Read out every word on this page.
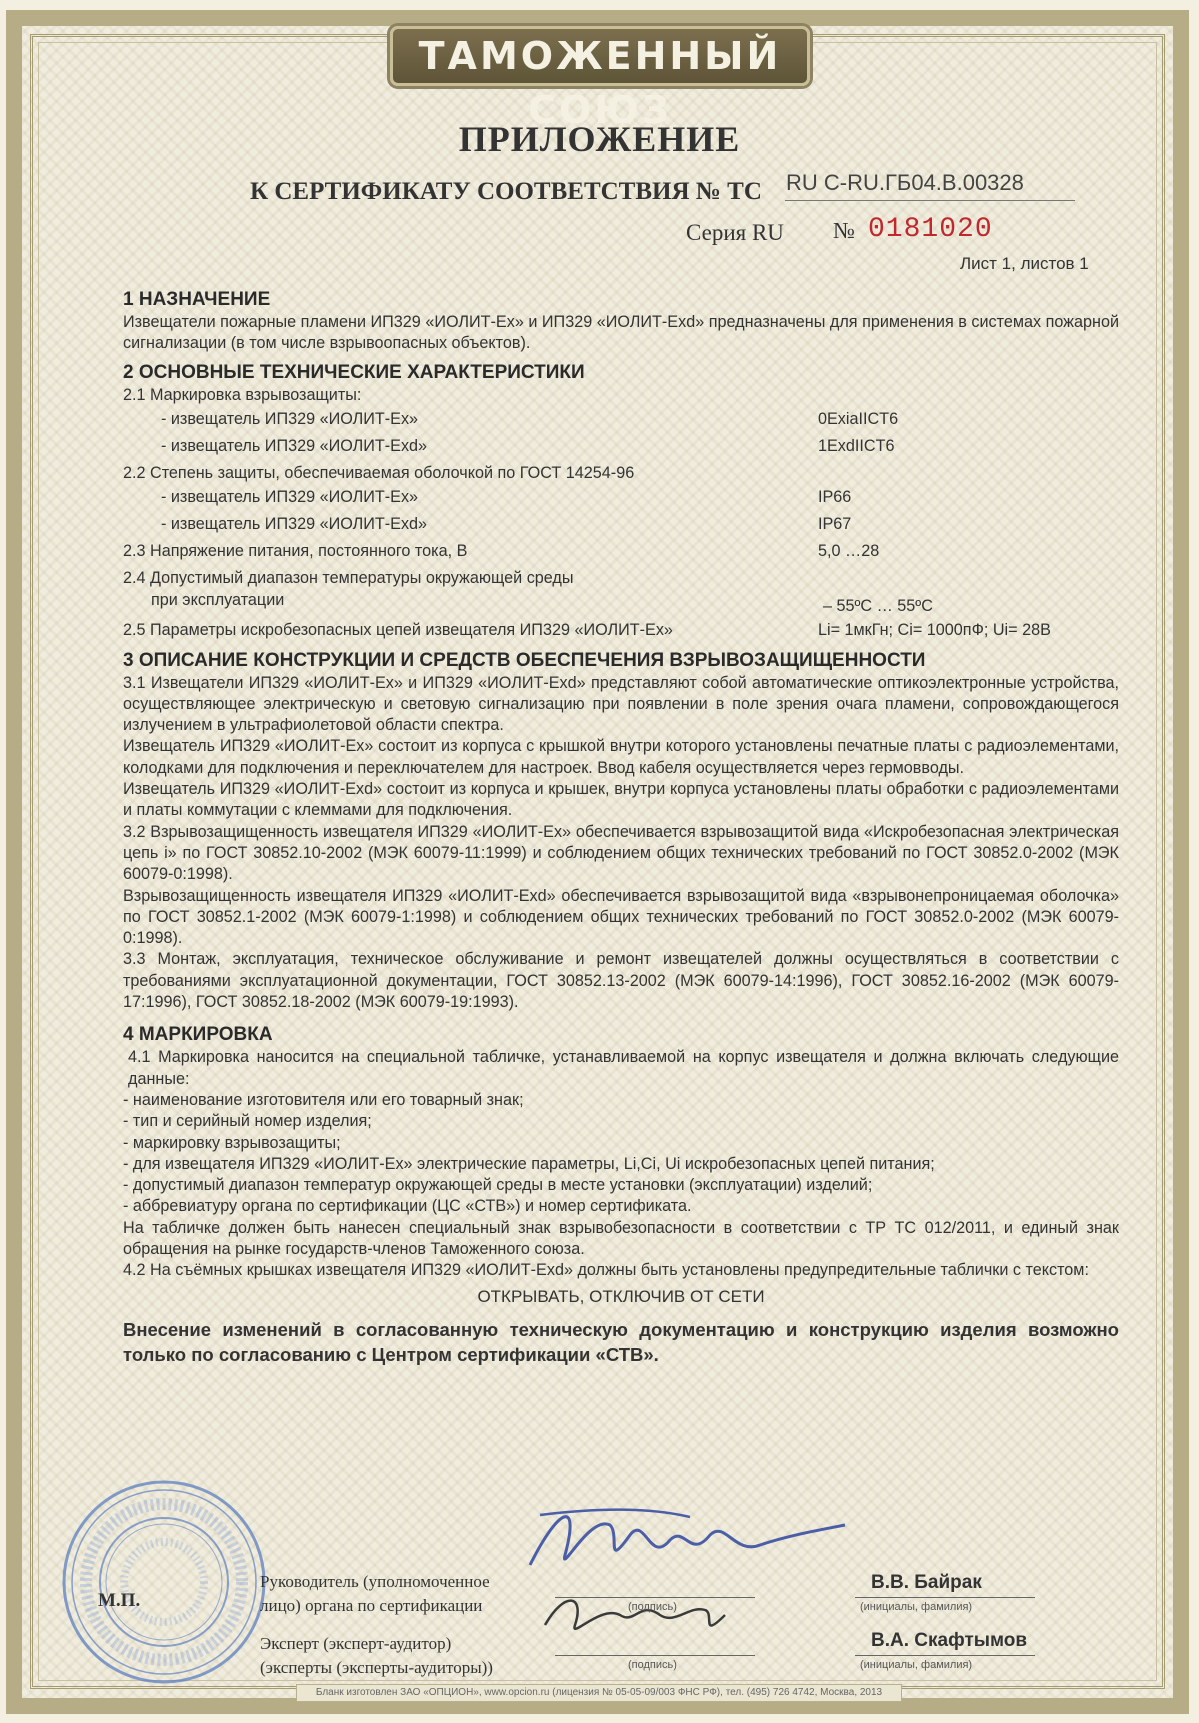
ТАМОЖЕННЫЙ СОЮЗ
ПРИЛОЖЕНИЕ
К СЕРТИФИКАТУ СООТВЕТСТВИЯ № ТС RU C-RU.ГБ04.В.00328
Серия RU № 0181020
Лист 1, листов 1
1 НАЗНАЧЕНИЕ
Извещатели пожарные пламени ИП329 «ИОЛИТ-Ex» и ИП329 «ИОЛИТ-Exd» предназначены для применения в системах пожарной сигнализации (в том числе взрывоопасных объектов).
2 ОСНОВНЫЕ ТЕХНИЧЕСКИЕ ХАРАКТЕРИСТИКИ
2.1 Маркировка взрывозащиты:
- извещатель ИП329 «ИОЛИТ-Ex»	0ExiaIICT6
- извещатель ИП329 «ИОЛИТ-Exd»	1ExdIICT6
2.2 Степень защиты, обеспечиваемая оболочкой по ГОСТ 14254-96
- извещатель ИП329 «ИОЛИТ-Ex»	IP66
- извещатель ИП329 «ИОЛИТ-Exd»	IP67
2.3 Напряжение питания, постоянного тока, В	5,0 …28
2.4 Допустимый диапазон температуры окружающей среды
при эксплуатации	– 55ºС … 55ºС
2.5 Параметры искробезопасных цепей извещателя ИП329 «ИОЛИТ-Ex»	Li= 1мкГн; Ci= 1000пФ; Ui= 28В
3 ОПИСАНИЕ КОНСТРУКЦИИ И СРЕДСТВ ОБЕСПЕЧЕНИЯ ВЗРЫВОЗАЩИЩЕННОСТИ
3.1 Извещатели ИП329 «ИОЛИТ-Ex» и ИП329 «ИОЛИТ-Exd» представляют собой автоматические оптикоэлектронные устройства, осуществляющее электрическую и световую сигнализацию при появлении в поле зрения очага пламени, сопровождающегося излучением в ультрафиолетовой области спектра.
Извещатель ИП329 «ИОЛИТ-Ex» состоит из корпуса с крышкой внутри которого установлены печатные платы с радиоэлементами, колодками для подключения и переключателем для настроек. Ввод кабеля осуществляется через гермовводы.
Извещатель ИП329 «ИОЛИТ-Exd» состоит из корпуса и крышек, внутри корпуса установлены платы обработки с радиоэлементами и платы коммутации с клеммами для подключения.
3.2 Взрывозащищенность извещателя ИП329 «ИОЛИТ-Ex» обеспечивается взрывозащитой вида «Искробезопасная электрическая цепь i» по ГОСТ 30852.10-2002 (МЭК 60079-11:1999) и соблюдением общих технических требований по ГОСТ 30852.0-2002 (МЭК 60079-0:1998).
Взрывозащищенность извещателя ИП329 «ИОЛИТ-Exd» обеспечивается взрывозащитой вида «взрывонепроницаемая оболочка» по ГОСТ 30852.1-2002 (МЭК 60079-1:1998) и соблюдением общих технических требований по ГОСТ 30852.0-2002 (МЭК 60079-0:1998).
3.3 Монтаж, эксплуатация, техническое обслуживание и ремонт извещателей должны осуществляться в соответствии с требованиями эксплуатационной документации, ГОСТ 30852.13-2002 (МЭК 60079-14:1996), ГОСТ 30852.16-2002 (МЭК 60079-17:1996), ГОСТ 30852.18-2002 (МЭК 60079-19:1993).
4 МАРКИРОВКА
4.1 Маркировка наносится на специальной табличке, устанавливаемой на корпус извещателя и должна включать следующие данные:
- наименование изготовителя или его товарный знак;
- тип и серийный номер изделия;
- маркировку взрывозащиты;
- для извещателя ИП329 «ИОЛИТ-Ex» электрические параметры, Li,Ci, Ui искробезопасных цепей питания;
- допустимый диапазон температур окружающей среды в месте установки (эксплуатации) изделий;
- аббревиатуру органа по сертификации (ЦС «СТВ») и номер сертификата.
На табличке должен быть нанесен специальный знак взрывобезопасности в соответствии с ТР ТС 012/2011, и единый знак обращения на рынке государств-членов Таможенного союза.
4.2 На съёмных крышках извещателя ИП329 «ИОЛИТ-Exd» должны быть установлены предупредительные таблички с текстом:
ОТКРЫВАТЬ, ОТКЛЮЧИВ ОТ СЕТИ
Внесение изменений в согласованную техническую документацию и конструкцию изделия возможно только по согласованию с Центром сертификации «СТВ».
М.П.
Руководитель (уполномоченное
лицо) органа по сертификации	(подпись)
В.В. Байрак
(инициалы, фамилия)
Эксперт (эксперт-аудитор)
(эксперты (эксперты-аудиторы))	(подпись)
В.А. Скафтымов
(инициалы, фамилия)
Бланк изготовлен ЗАО «ОПЦИОН», www.opcion.ru (лицензия № 05-05-09/003 ФНС РФ), тел. (495) 726 4742, Москва, 2013
